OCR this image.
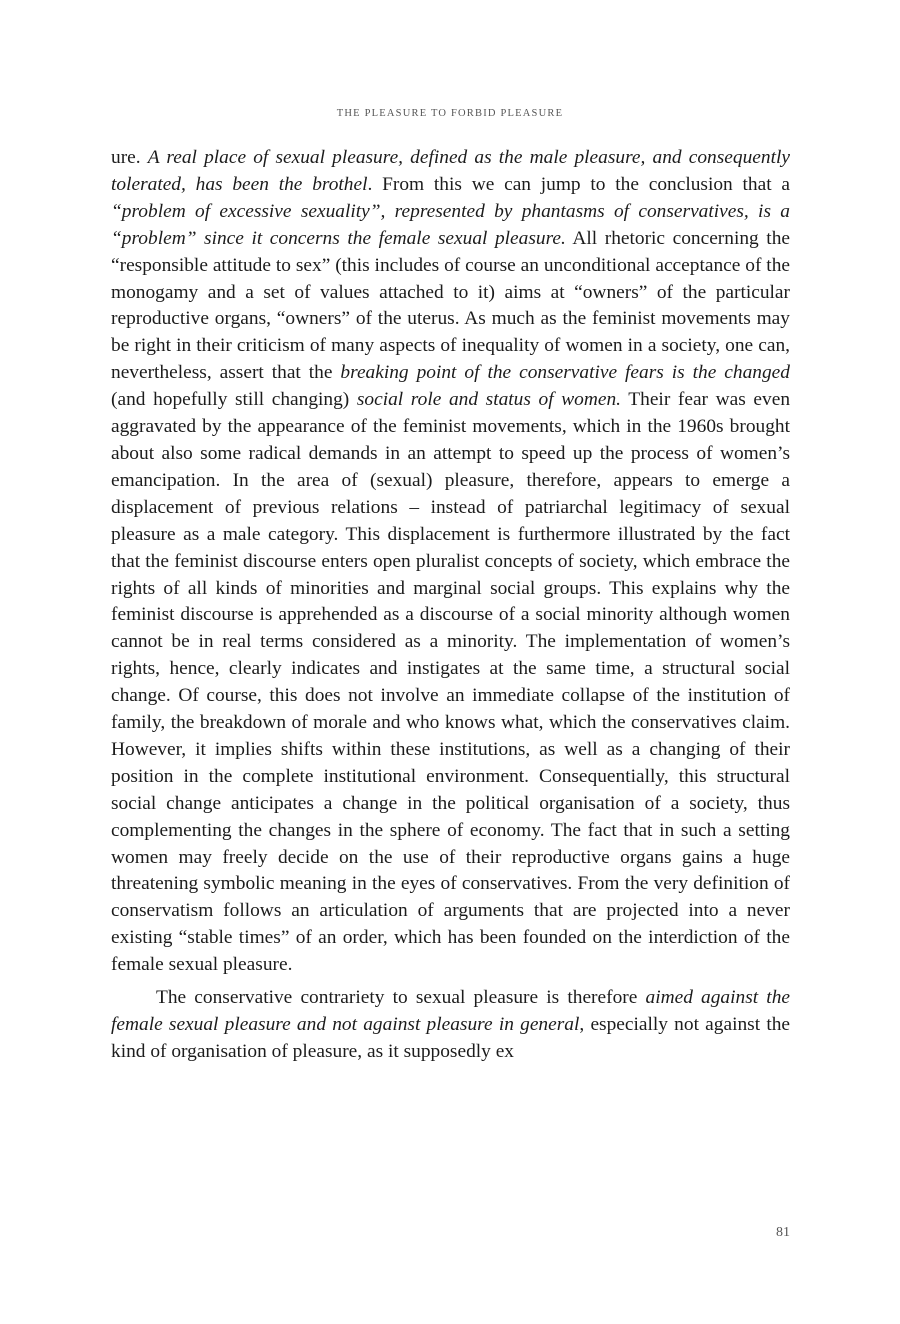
THE PLEASURE TO FORBID PLEASURE

ure. A real place of sexual pleasure, defined as the male pleasure, and consequently tolerated, has been the brothel. From this we can jump to the conclusion that a “problem of excessive sexuality”, represented by phantasms of conservatives, is a “problem” since it concerns the female sexual pleasure. All rhetoric concerning the “responsible attitude to sex” (this includes of course an unconditional acceptance of the monogamy and a set of values attached to it) aims at “owners” of the particular reproductive organs, “owners” of the uterus. As much as the feminist movements may be right in their criticism of many aspects of inequality of women in a society, one can, nevertheless, assert that the breaking point of the conservative fears is the changed (and hopefully still changing) social role and status of women. Their fear was even aggravated by the appearance of the feminist movements, which in the 1960s brought about also some radical demands in an attempt to speed up the process of women’s emancipation. In the area of (sexual) pleasure, therefore, appears to emerge a displacement of previous relations – instead of patriarchal legitimacy of sexual pleasure as a male category. This displacement is furthermore illustrated by the fact that the feminist discourse enters open pluralist concepts of society, which embrace the rights of all kinds of minorities and marginal social groups. This explains why the feminist discourse is apprehended as a discourse of a social minority although women cannot be in real terms considered as a minority. The implementation of women’s rights, hence, clearly indicates and instigates at the same time, a structural social change. Of course, this does not involve an immediate collapse of the institution of family, the breakdown of morale and who knows what, which the conservatives claim. However, it implies shifts within these institutions, as well as a changing of their position in the complete institutional environment. Consequentially, this structural social change anticipates a change in the political organisation of a society, thus complementing the changes in the sphere of economy. The fact that in such a setting women may freely decide on the use of their reproductive organs gains a huge threatening symbolic meaning in the eyes of conservatives. From the very definition of conservatism follows an articulation of arguments that are projected into a never existing “stable times” of an order, which has been founded on the interdiction of the female sexual pleasure.

The conservative contrariety to sexual pleasure is therefore aimed against the female sexual pleasure and not against pleasure in general, especially not against the kind of organisation of pleasure, as it supposedly ex

81
